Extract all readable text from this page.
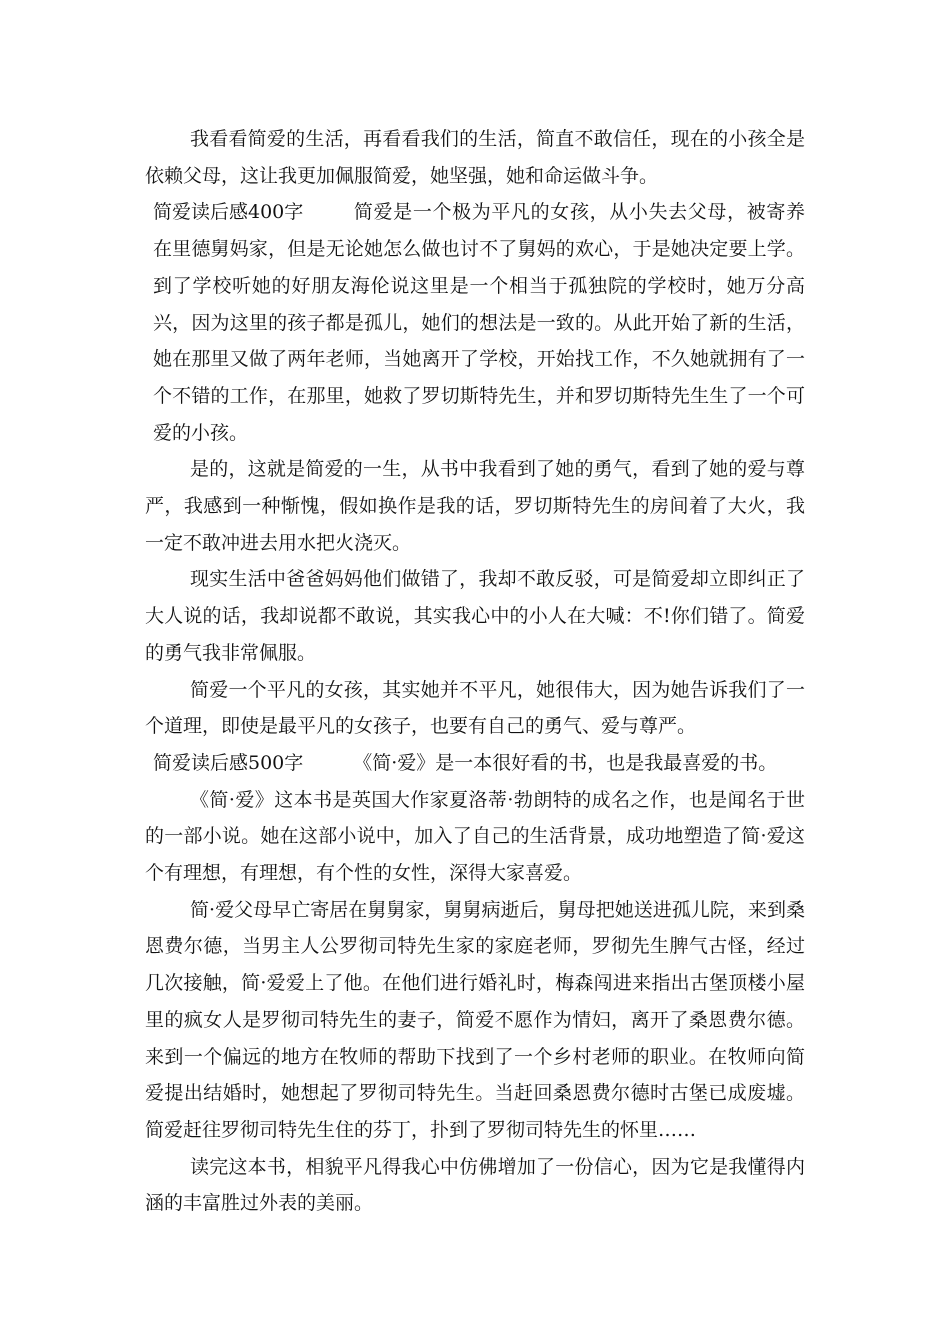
我看看简爱的生活，再看看我们的生活，简直不敢信任，现在的小孩全是依赖父母，这让我更加佩服简爱，她坚强，她和命运做斗争。

简爱读后感400字	简爱是一个极为平凡的女孩，从小失去父母，被寄养在里德舅妈家，但是无论她怎么做也讨不了舅妈的欢心，于是她决定要上学。到了学校听她的好朋友海伦说这里是一个相当于孤独院的学校时，她万分高兴，因为这里的孩子都是孤儿，她们的想法是一致的。从此开始了新的生活，她在那里又做了两年老师，当她离开了学校，开始找工作，不久她就拥有了一个不错的工作，在那里，她救了罗切斯特先生，并和罗切斯特先生生了一个可爱的小孩。

是的，这就是简爱的一生，从书中我看到了她的勇气，看到了她的爱与尊严，我感到一种惭愧，假如换作是我的话，罗切斯特先生的房间着了大火，我一定不敢冲进去用水把火浇灭。

现实生活中爸爸妈妈他们做错了，我却不敢反驳，可是简爱却立即纠正了大人说的话，我却说都不敢说，其实我心中的小人在大喊：不!你们错了。简爱的勇气我非常佩服。

简爱一个平凡的女孩，其实她并不平凡，她很伟大，因为她告诉我们了一个道理，即使是最平凡的女孩子，也要有自己的勇气、爱与尊严。

简爱读后感500字	《简·爱》是一本很好看的书，也是我最喜爱的书。

《简·爱》这本书是英国大作家夏洛蒂·勃朗特的成名之作，也是闻名于世的一部小说。她在这部小说中，加入了自己的生活背景，成功地塑造了简·爱这个有理想，有理想，有个性的女性，深得大家喜爱。

简·爱父母早亡寄居在舅舅家，舅舅病逝后，舅母把她送进孤儿院，来到桑恩费尔德，当男主人公罗彻司特先生家的家庭老师，罗彻先生脾气古怪，经过几次接触，简·爱爱上了他。在他们进行婚礼时，梅森闯进来指出古堡顶楼小屋里的疯女人是罗彻司特先生的妻子，简爱不愿作为情妇，离开了桑恩费尔德。来到一个偏远的地方在牧师的帮助下找到了一个乡村老师的职业。在牧师向简爱提出结婚时，她想起了罗彻司特先生。当赶回桑恩费尔德时古堡已成废墟。简爱赶往罗彻司特先生住的芬丁，扑到了罗彻司特先生的怀里……

读完这本书，相貌平凡得我心中仿佛增加了一份信心，因为它是我懂得内涵的丰富胜过外表的美丽。
